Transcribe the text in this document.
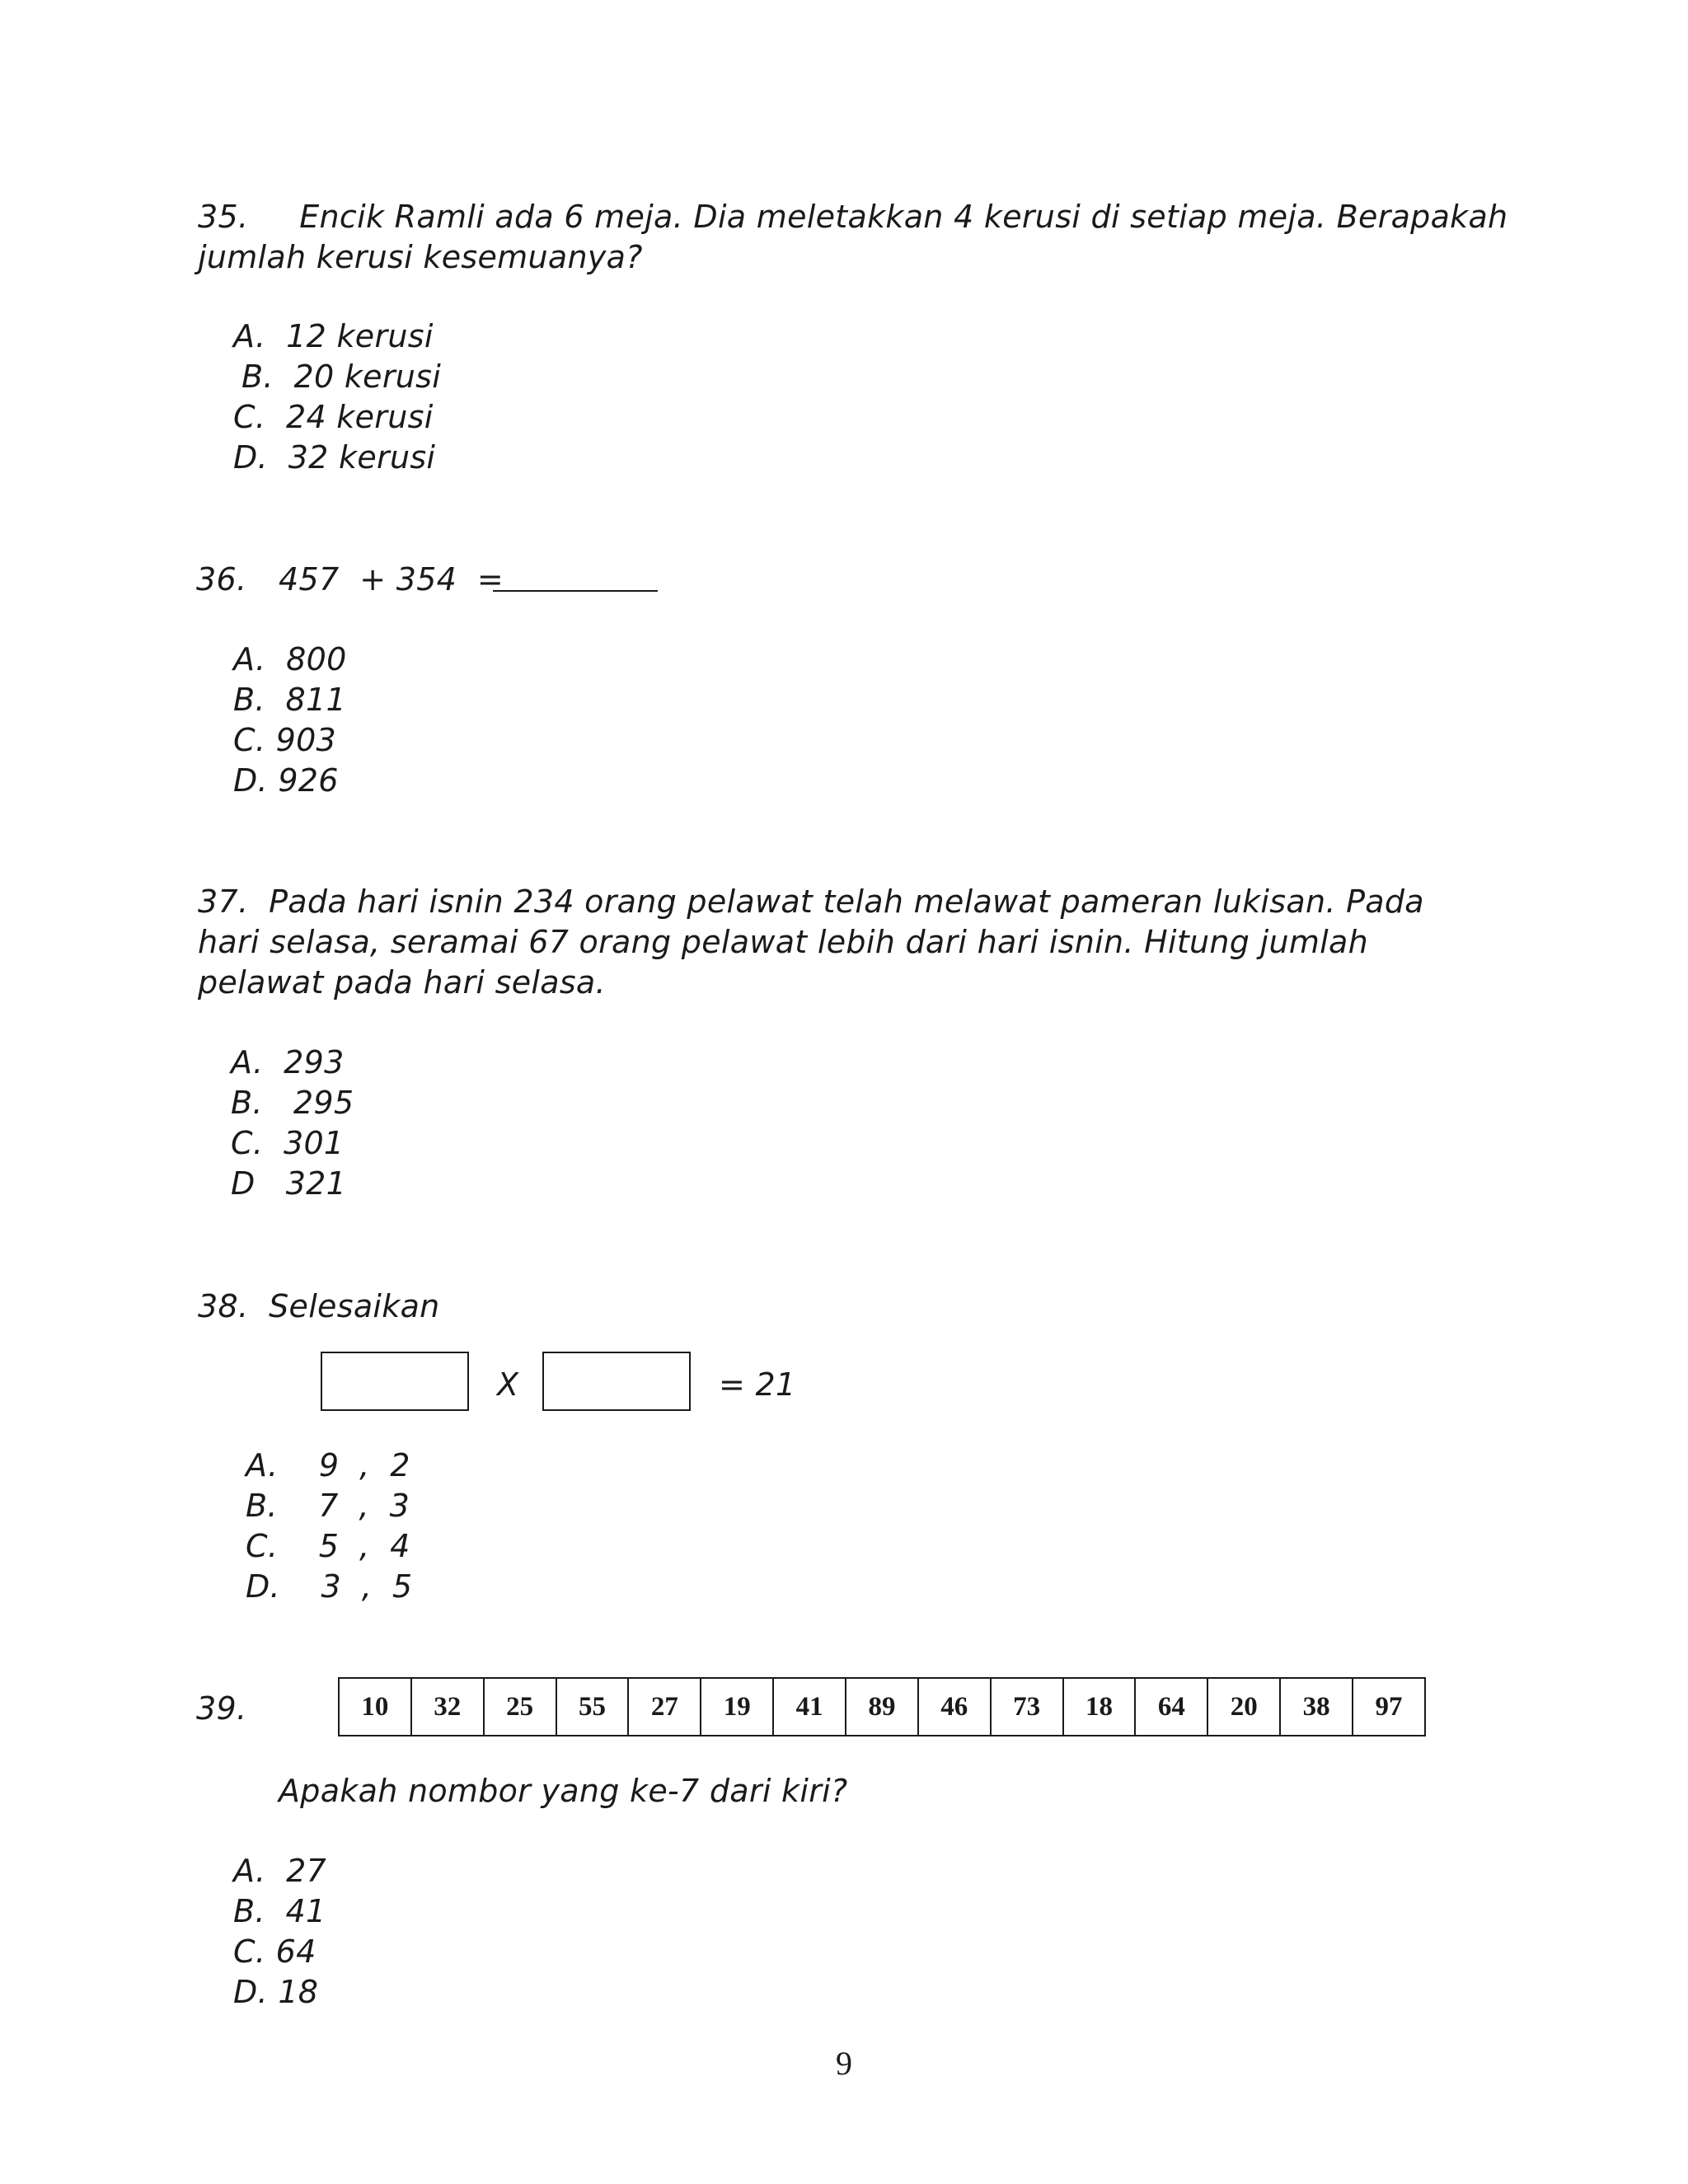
35.     Encik Ramli ada 6 meja. Dia meletakkan 4 kerusi di setiap meja. Berapakah
jumlah kerusi kesemuanya?
A.  12 kerusi
B.  20 kerusi
C.  24 kerusi
D.  32 kerusi
36. 457  + 354  =
A.  800
B.  811
C. 903
D. 926
37.  Pada hari isnin 234 orang pelawat telah melawat pameran lukisan. Pada
hari selasa, seramai 67 orang pelawat lebih dari hari isnin. Hitung jumlah
pelawat pada hari selasa.
A.  293
B.   295
C.  301
D   321
38.  Selesaikan
X	= 21
A.    9  ,  2
B.    7  ,  3
C.    5  ,  4
D.    3  ,  5
39.	10	32	25	55	27	19	41	89	46	73	18	64	20	38	97
Apakah nombor yang ke-7 dari kiri?
A.  27
B.  41
C. 64
D. 18
9
